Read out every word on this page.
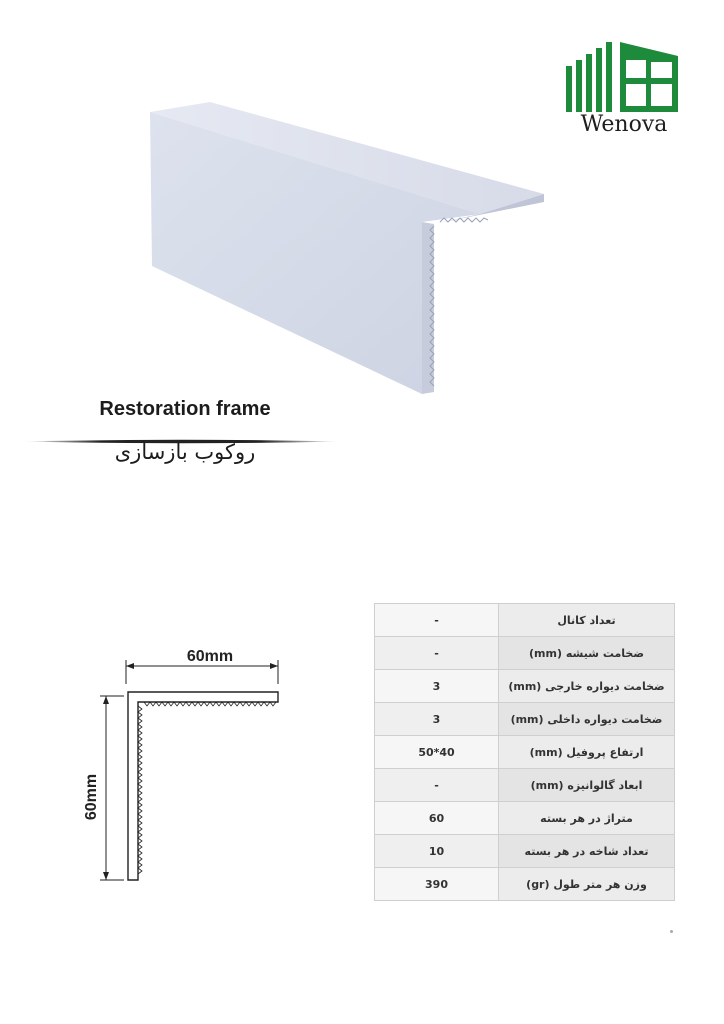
Wenova
Restoration frame
روکوب بازسازی
60mm
60mm
-	تعداد کانال
-	ضخامت شیشه (mm)
3	ضخامت دیواره خارجی (mm)
3	ضخامت دیواره داخلی (mm)
50*40	ارتفاع پروفیل (mm)
-	ابعاد گالوانیزه (mm)
60	متراژ در هر بسته
10	تعداد شاخه در هر بسته
390	وزن هر متر طول (gr)
